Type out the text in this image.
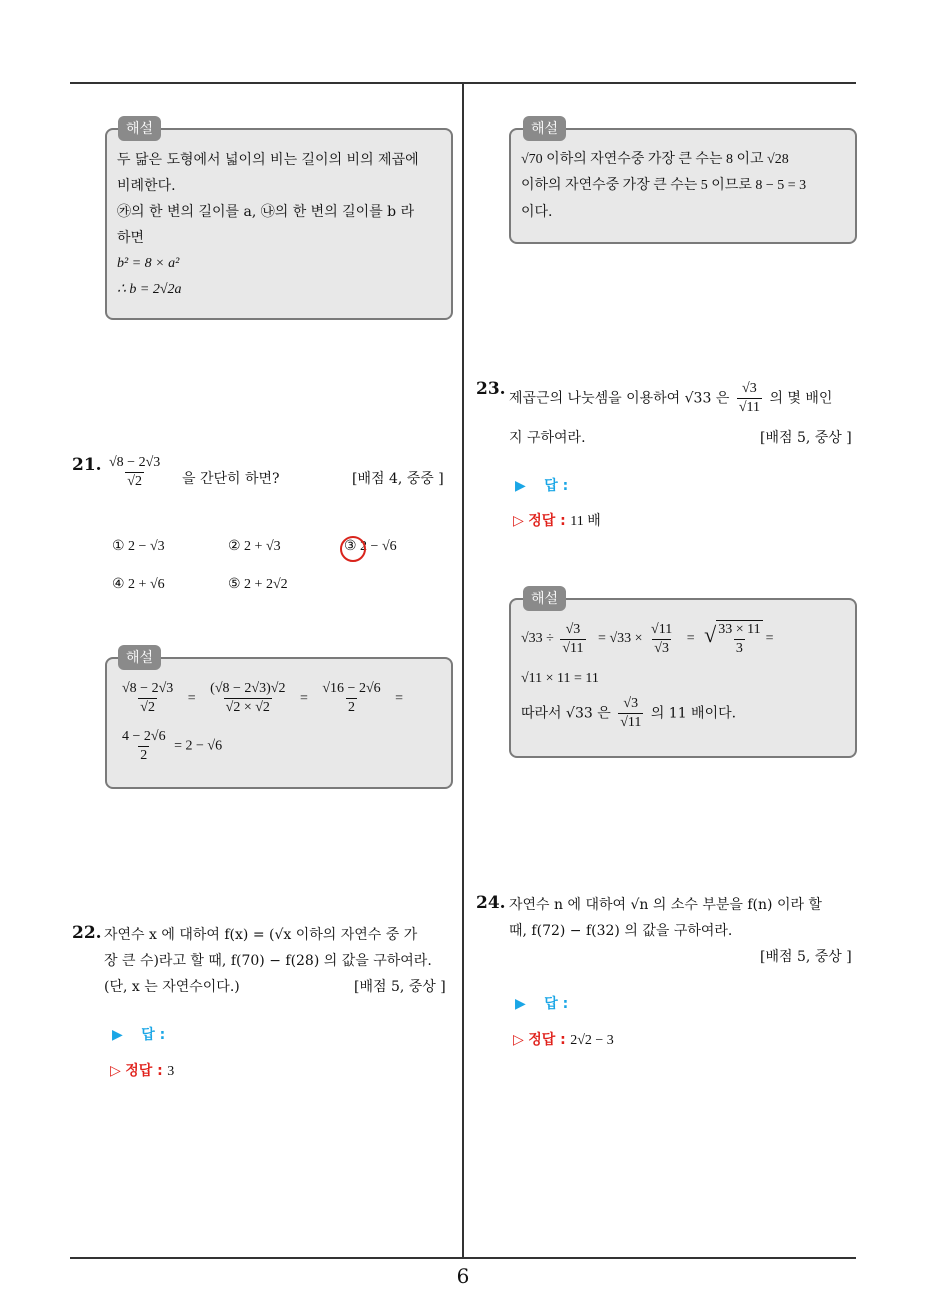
6
해설
두 닮은 도형에서 넓이의 비는 길이의 비의 제곱에
비례한다.
㉮의 한 변의 길이를 a, ㉯의 한 변의 길이를 b 라
하면
b² = 8 × a²
∴ b = 2√2a
21. $\frac{√8 - 2√3}{√2}$ 을 간단히 하면?	[배점 4, 중중 ]
① 2 − √3	② 2 + √3	③ 2 − √6
④ 2 + √6	⑤ 2 + 2√2
해설
$\frac{√8 - 2√3}{√2} = \frac{(√8 - 2√3)√2}{√2 \times √2} = \frac{√16 - 2√6}{2}$ =
$\frac{4 - 2√6}{2} = 2 - √6$
22. 자연수 x 에 대하여 f(x) = (√x 이하의 자연수 중 가
장 큰 수)라고 할 때, f(70) − f(28) 의 값을 구하여라.
(단, x 는 자연수이다.)	[배점 5, 중상 ]
▶ 답 :
▷ 정답 : 3
해설
√70 이하의 자연수중 가장 큰 수는 8 이고 √28
이하의 자연수중 가장 큰 수는 5 이므로 8 − 5 = 3
이다.
23. 제곱근의 나눗셈을 이용하여 √33 은 $\frac{√3}{√11}$ 의 몇 배인
지 구하여라.	[배점 5, 중상 ]
▶ 답 :
▷ 정답 : 11 배
해설
$√33 \div \frac{√3}{√11} = √33 \times \frac{√11}{√3}$ = √ $\frac{33 \times 11}{3}$ =
√11 × 11 = 11
따라서 √33 은 $\frac{√3}{√11}$ 의 11 배이다.
24. 자연수 n 에 대하여 √n 의 소수 부분을 f(n) 이라 할
때, f(72) − f(32) 의 값을 구하여라.
[배점 5, 중상 ]
▶ 답 :
▷ 정답 : 2√2 − 3
